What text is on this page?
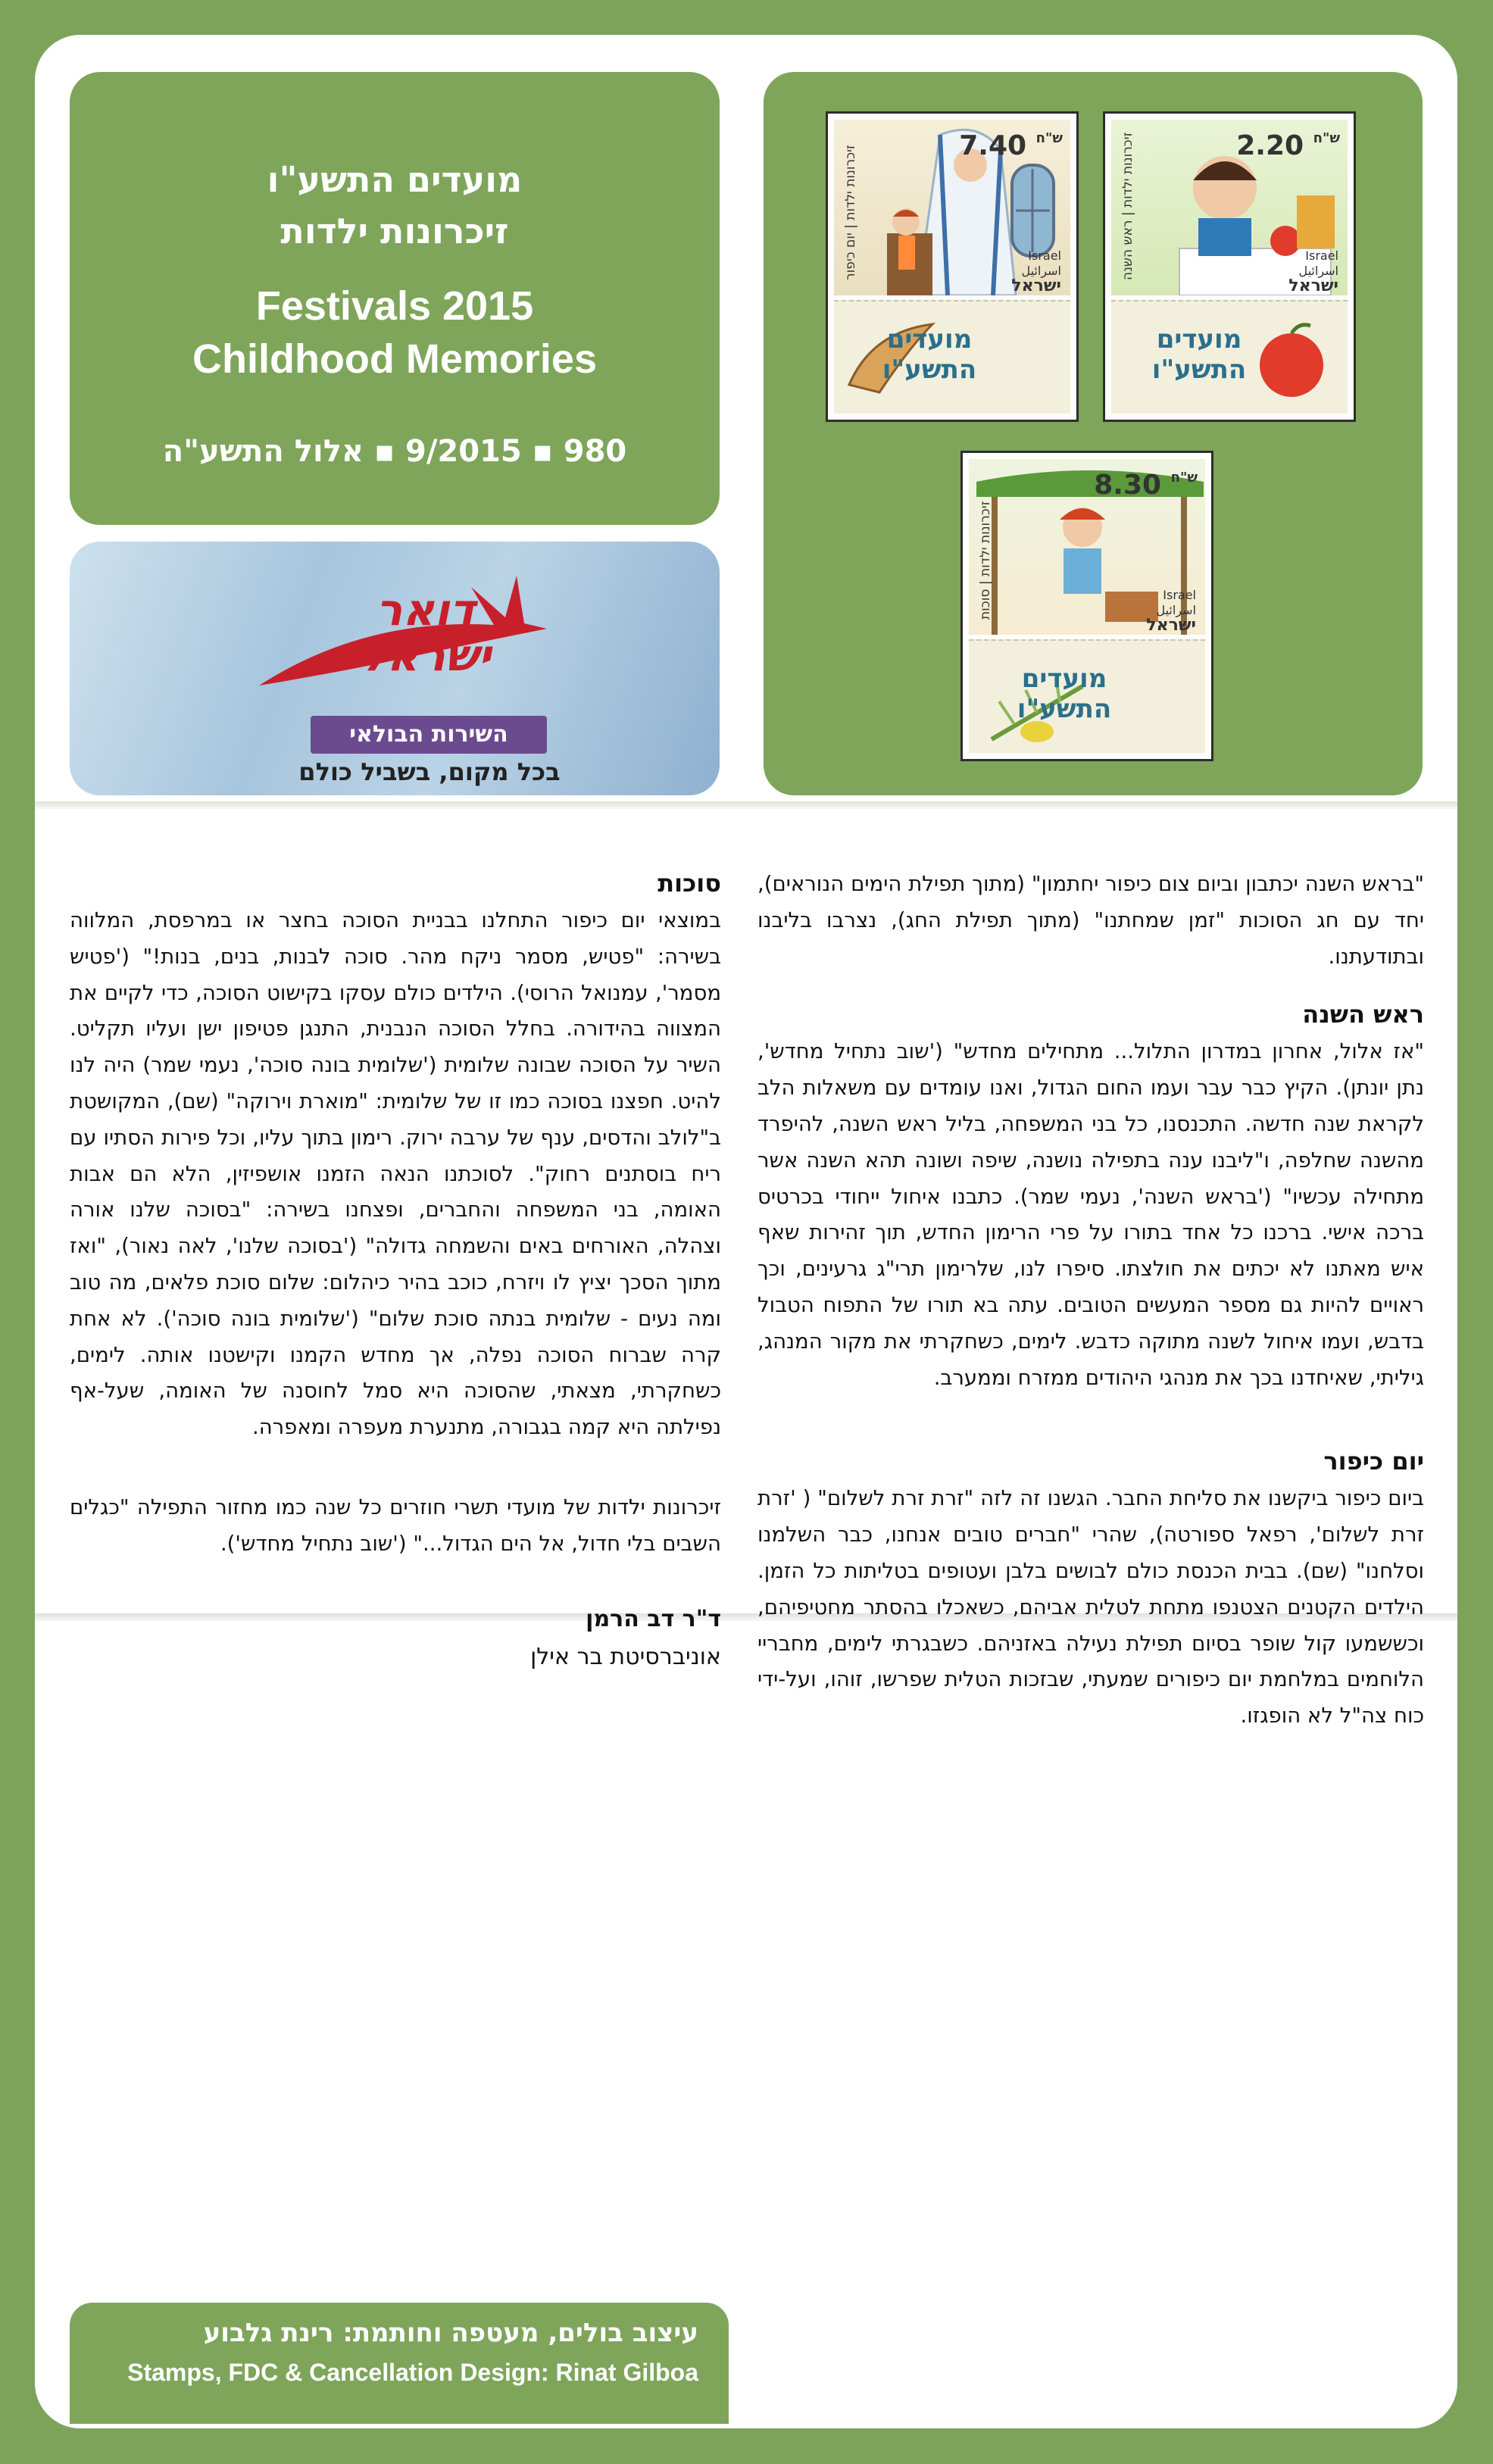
מועדים התשע"ו
זיכרונות ילדות
Festivals 2015
Childhood Memories
980 ▪ 9/2015 ▪ אלול התשע"ה
דואר
ישראל
השירות הבולאי
בכל מקום, בשביל כולם
7.40 $^{ש"ח}$
זיכרונות ילדות | יום כיפור	Israel
اسرائيل
ישראל
מועדים
התשע"ו
2.20 $^{ש"ח}$
זיכרונות ילדות | ראש השנה	Israel
اسرائيل
ישראל
מועדים
התשע"ו
8.30 $^{ש"ח}$
זיכרונות ילדות | סוכות	Israel
اسرائيل
ישראל
מועדים
התשע"ו

"בראש השנה יכתבון וביום צום כיפור יחתמון" (מתוך תפילת הימים הנוראים), יחד עם חג הסוכות "זמן שמחתנו" (מתוך תפילת החג), נצרבו בליבנו ובתודעתנו.

ראש השנה

"אז אלול, אחרון במדרון התלול... מתחילים מחדש" ('שוב נתחיל מחדש', נתן יונתן). הקיץ כבר עבר ועמו החום הגדול, ואנו עומדים עם משאלות הלב לקראת שנה חדשה. התכנסנו, כל בני המשפחה, בליל ראש השנה, להיפרד מהשנה שחלפה, ו"ליבנו ענה בתפילה נושנה, שיפה ושונה תהא השנה אשר מתחילה עכשיו" ('בראש השנה', נעמי שמר). כתבנו איחול ייחודי בכרטיס ברכה אישי. ברכנו כל אחד בתורו על פרי הרימון החדש, תוך זהירות שאף איש מאתנו לא יכתים את חולצתו. סיפרו לנו, שלרימון תרי"ג גרעינים, וכך ראויים להיות גם מספר המעשים הטובים. עתה בא תורו של התפוח הטבול בדבש, ועמו איחול לשנה מתוקה כדבש. לימים, כשחקרתי את מקור המנהג, גיליתי, שאיחדנו בכך את מנהגי היהודים ממזרח וממערב.

יום כיפור

ביום כיפור ביקשנו את סליחת החבר. הגשנו זה לזה "זרת זרת לשלום" ( 'זרת זרת לשלום', רפאל ספורטה), שהרי "חברים טובים אנחנו, כבר השלמנו וסלחנו" (שם). בבית הכנסת כולם לבושים בלבן ועטופים בטליתות כל הזמן. הילדים הקטנים הצטנפו מתחת לטלית אביהם, כשאכלו בהסתר מחטיפיהם, וכששמעו קול שופר בסיום תפילת נעילה באזניהם. כשבגרתי לימים, מחבריי הלוחמים במלחמת יום כיפורים שמעתי, שבזכות הטלית שפרשו, זוהו, ועל-ידי כוח צה"ל לא הופגזו.

סוכות

במוצאי יום כיפור התחלנו בבניית הסוכה בחצר או במרפסת, המלווה בשירה: "פטיש, מסמר ניקח מהר. סוכה לבנות, בנים, בנות!" ('פטיש מסמר', עמנואל הרוסי). הילדים כולם עסקו בקישוט הסוכה, כדי לקיים את המצווה בהידורה. בחלל הסוכה הנבנית, התנגן פטיפון ישן ועליו תקליט. השיר על הסוכה שבונה שלומית ('שלומית בונה סוכה', נעמי שמר) היה לנו להיט. חפצנו בסוכה כמו זו של שלומית: "מוארת וירוקה" (שם), המקושטת ב"לולב והדסים, ענף של ערבה ירוק. רימון בתוך עליו, וכל פירות הסתיו עם ריח בוסתנים רחוק". לסוכתנו הנאה הזמנו אושפיזין, הלא הם אבות האומה, בני המשפחה והחברים, ופצחנו בשירה: "בסוכה שלנו אורה וצהלה, האורחים באים והשמחה גדולה" ('בסוכה שלנו', לאה נאור), "ואז מתוך הסכך יציץ לו ויזרח, כוכב בהיר כיהלום: שלום סוכת פלאים, מה טוב ומה נעים - שלומית בנתה סוכת שלום" ('שלומית בונה סוכה'). לא אחת קרה שברוח הסוכה נפלה, אך מחדש הקמנו וקישטנו אותה. לימים, כשחקרתי, מצאתי, שהסוכה היא סמל לחוסנה של האומה, שעל-אף נפילתה היא קמה בגבורה, מתנערת מעפרה ומאפרה.

זיכרונות ילדות של מועדי תשרי חוזרים כל שנה כמו מחזור התפילה "כגלים השבים בלי חדול, אל הים הגדול..." ('שוב נתחיל מחדש').

ד"ר דב הרמן

אוניברסיטת בר אילן

עיצוב בולים, מעטפה וחותמת: רינת גלבוע
Stamps, FDC & Cancellation Design: Rinat Gilboa
